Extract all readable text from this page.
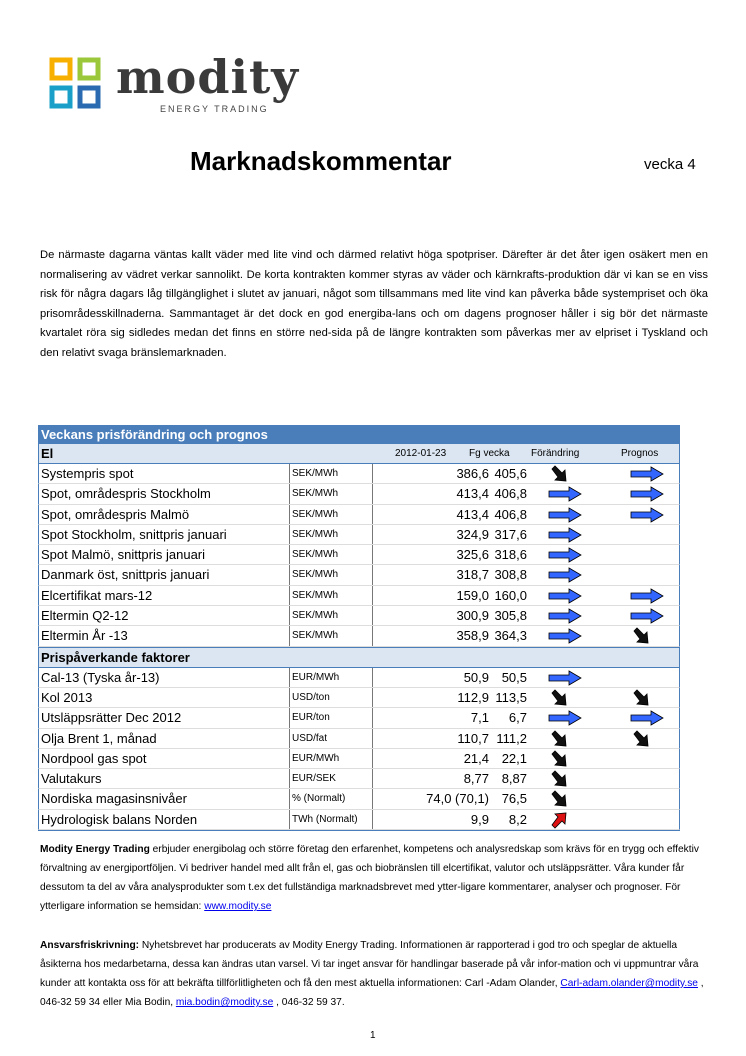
modity
ENERGY TRADING
Marknadskommentar	vecka 4
De närmaste dagarna väntas kallt väder med lite vind och därmed relativt höga spotpriser. Därefter är det åter igen osäkert men en normalisering av vädret verkar sannolikt. De korta kontrakten kommer styras av väder och kärnkrafts-produktion där vi kan se en viss risk för några dagars låg tillgänglighet i slutet av januari, något som tillsammans med lite vind kan påverka både systempriset och öka prisområdesskillnaderna. Sammantaget är det dock en god energiba-lans och om dagens prognoser håller i sig bör det närmaste kvartalet röra sig sidledes medan det finns en större ned-sida på de längre kontrakten som påverkas mer av elpriset i Tyskland och den relativt svaga bränslemarknaden.
Veckans prisförändring och prognos
El	2012-01-23 Fg vecka Förändring	Prognos
Systempris spot	SEK/MWh	386,6 405,6
Spot, områdespris Stockholm	SEK/MWh	413,4 406,8
Spot, områdespris Malmö	SEK/MWh	413,4 406,8
Spot Stockholm, snittpris januari	SEK/MWh	324,9 317,6
Spot Malmö, snittpris januari	SEK/MWh	325,6 318,6
Danmark öst, snittpris januari	SEK/MWh	318,7 308,8
Elcertifikat mars-12	SEK/MWh	159,0 160,0
Eltermin Q2-12	SEK/MWh	300,9 305,8
Eltermin År -13	SEK/MWh	358,9 364,3
Prispåverkande faktorer
Cal-13 (Tyska år-13)	EUR/MWh	50,9 50,5
Kol 2013	USD/ton	112,9 113,5
Utsläppsrätter Dec 2012	EUR/ton	7,1 6,7
Olja Brent 1, månad	USD/fat	110,7 111,2
Nordpool gas spot	EUR/MWh	21,4 22,1
Valutakurs	EUR/SEK	8,77 8,87
Nordiska magasinsnivåer	% (Normalt)	74,0 (70,1) 76,5
Hydrologisk balans Norden	TWh (Normalt)	9,9 8,2
Modity Energy Trading erbjuder energibolag och större företag den erfarenhet, kompetens och analysredskap som krävs för en trygg och effektiv förvaltning av energiportföljen. Vi bedriver handel med allt från el, gas och biobränslen till elcertifikat, valutor och utsläppsrätter. Våra kunder får dessutom ta del av våra analysprodukter som t.ex det fullständiga marknadsbrevet med ytter-ligare kommentarer, analyser och prognoser. För ytterligare information se hemsidan: www.modity.se
Ansvarsfriskrivning: Nyhetsbrevet har producerats av Modity Energy Trading. Informationen är rapporterad i god tro och speglar de aktuella åsikterna hos medarbetarna, dessa kan ändras utan varsel. Vi tar inget ansvar för handlingar baserade på vår infor-mation och vi uppmuntrar våra kunder att kontakta oss för att bekräfta tillförlitligheten och få den mest aktuella informationen: Carl -Adam Olander, Carl-adam.olander@modity.se , 046-32 59 34 eller Mia Bodin, mia.bodin@modity.se , 046-32 59 37.
1
